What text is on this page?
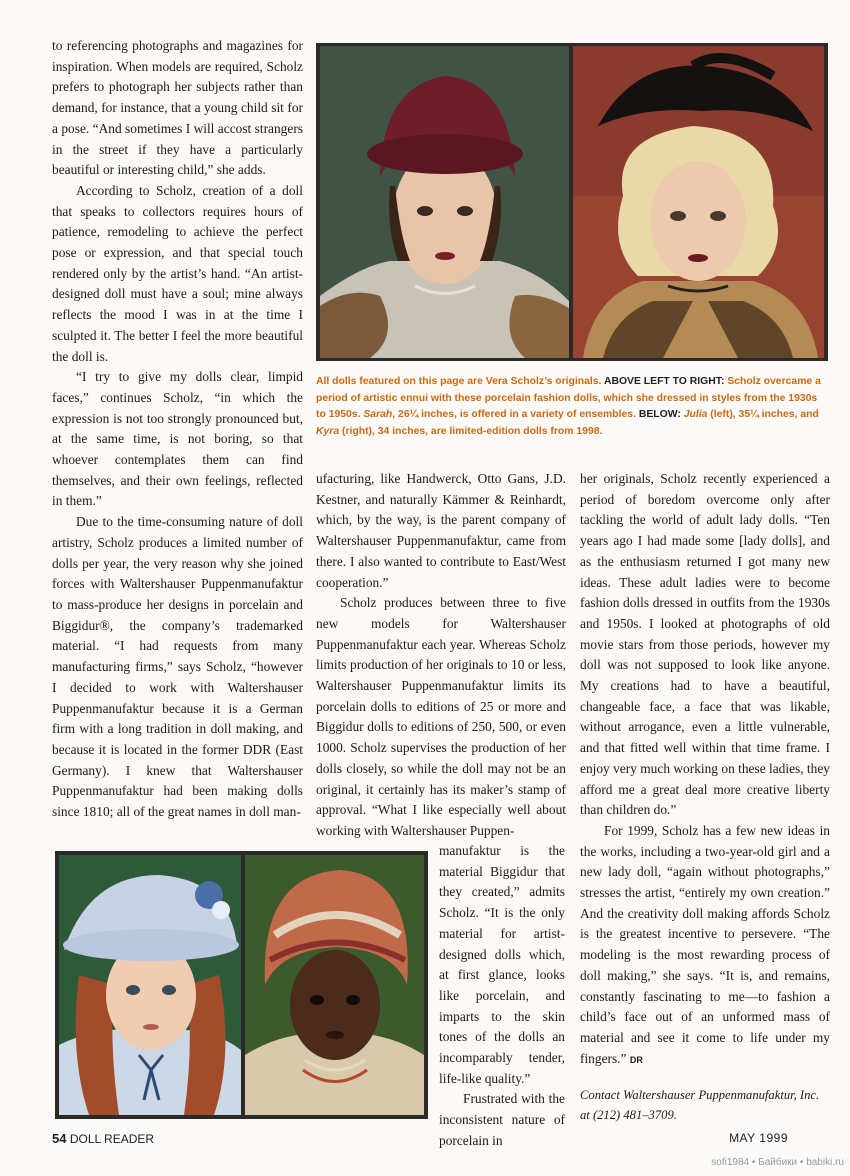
to referencing photographs and magazines for inspiration. When models are required, Scholz prefers to photograph her subjects rather than demand, for instance, that a young child sit for a pose. “And sometimes I will accost strangers in the street if they have a particularly beautiful or interesting child,” she adds.

According to Scholz, creation of a doll that speaks to collectors requires hours of patience, remodeling to achieve the perfect pose or expression, and that special touch rendered only by the artist’s hand. “An artist-designed doll must have a soul; mine always reflects the mood I was in at the time I sculpted it. The better I feel the more beautiful the doll is.

“I try to give my dolls clear, limpid faces,” continues Scholz, “in which the expression is not too strongly pronounced but, at the same time, is not boring, so that whoever contemplates them can find themselves, and their own feelings, reflected in them.”

Due to the time-consuming nature of doll artistry, Scholz produces a limited number of dolls per year, the very reason why she joined forces with Waltershauser Puppenmanufaktur to mass-produce her designs in porcelain and Biggidur®, the company’s trademarked material. “I had requests from many manufacturing firms,” says Scholz, “however I decided to work with Waltershauser Puppenmanufaktur because it is a German firm with a long tradition in doll making, and because it is located in the former DDR (East Germany). I knew that Waltershauser Puppenmanufaktur had been making dolls since 1810; all of the great names in doll man-

All dolls featured on this page are Vera Scholz’s originals. ABOVE LEFT TO RIGHT: Scholz overcame a period of artistic ennui with these porcelain fashion dolls, which she dressed in styles from the 1930s to 1950s. Sarah, 26¼ inches, is offered in a variety of ensembles. BELOW: Julia (left), 35¼ inches, and Kyra (right), 34 inches, are limited-edition dolls from 1998.

ufacturing, like Handwerck, Otto Gans, J.D. Kestner, and naturally Kämmer & Reinhardt, which, by the way, is the parent company of Waltershauser Puppenmanufaktur, came from there. I also wanted to contribute to East/West cooperation.”

Scholz produces between three to five new models for Waltershauser Puppenmanufaktur each year. Whereas Scholz limits production of her originals to 10 or less, Waltershauser Puppenmanufaktur limits its porcelain dolls to editions of 25 or more and Biggidur dolls to editions of 250, 500, or even 1000. Scholz supervises the production of her dolls closely, so while the doll may not be an original, it certainly has its maker’s stamp of approval. “What I like especially well about working with Waltershauser Puppen-

manufaktur is the material Biggidur that they created,” admits Scholz. “It is the only material for artist-designed dolls which, at first glance, looks like porcelain, and imparts to the skin tones of the dolls an incomparably tender, life-like quality.”

Frustrated with the inconsistent nature of porcelain in

her originals, Scholz recently experienced a period of boredom overcome only after tackling the world of adult lady dolls. “Ten years ago I had made some [lady dolls], and as the enthusiasm returned I got many new ideas. These adult ladies were to become fashion dolls dressed in outfits from the 1930s and 1950s. I looked at photographs of old movie stars from those periods, however my doll was not supposed to look like anyone. My creations had to have a beautiful, changeable face, a face that was likable, without arrogance, even a little vulnerable, and that fitted well within that time frame. I enjoy very much working on these ladies, they afford me a great deal more creative liberty than children do.”

For 1999, Scholz has a few new ideas in the works, including a two-year-old girl and a new lady doll, “again without photographs,” stresses the artist, “entirely my own creation.” And the creativity doll making affords Scholz is the greatest incentive to persevere. “The modeling is the most rewarding process of doll making,” she says. “It is, and remains, constantly fascinating to me—to fashion a child’s face out of an unformed mass of material and see it come to life under my fingers.” DR

Contact Waltershauser Puppenmanufaktur, Inc. at (212) 481–3709.
54 DOLL READER	MAY 1999
sofi1984 • Байбики • babiki.ru
